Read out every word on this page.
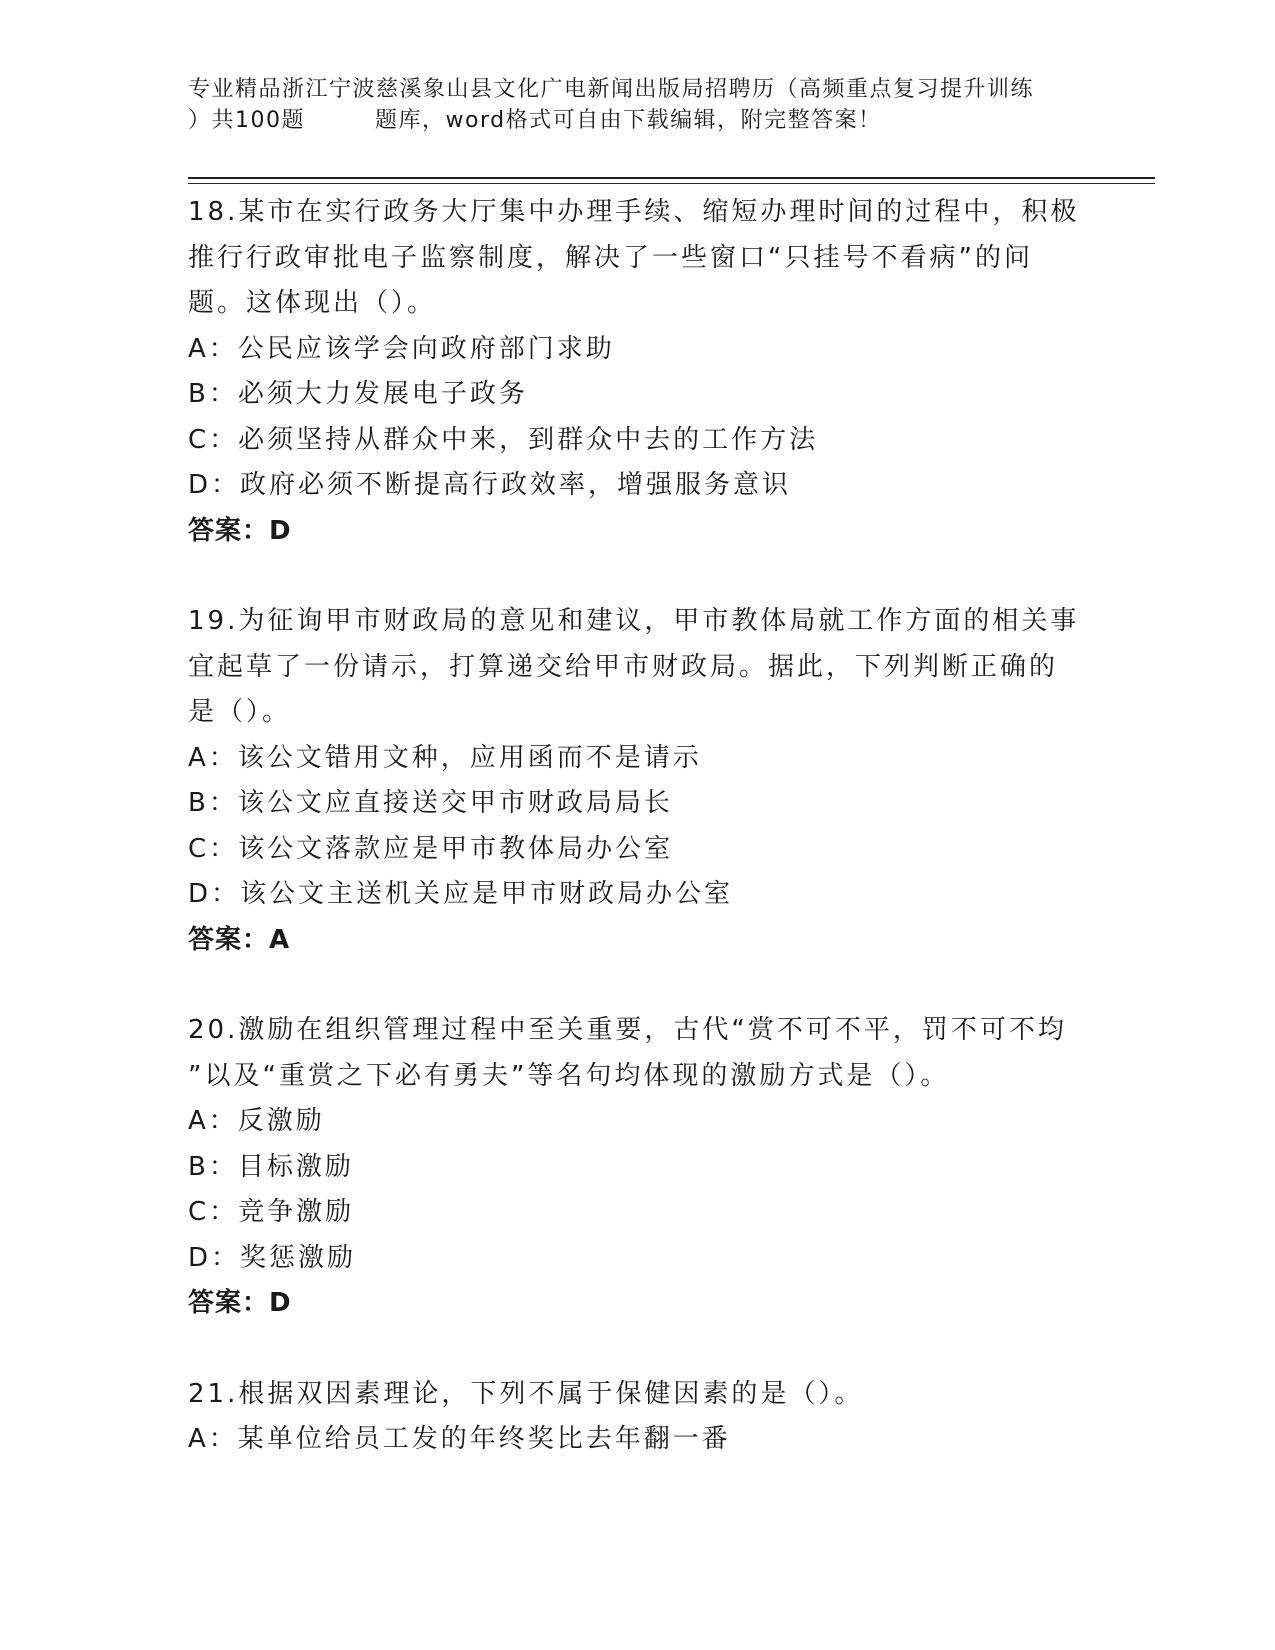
专业精品浙江宁波慈溪象山县文化广电新闻出版局招聘历（高频重点复习提升训练
）共100题	题库，word格式可自由下载编辑，附完整答案！
18.某市在实行政务大厅集中办理手续、缩短办理时间的过程中，积极
推行行政审批电子监察制度，解决了一些窗口“只挂号不看病”的问
题。这体现出（）。
A：公民应该学会向政府部门求助
B：必须大力发展电子政务
C：必须坚持从群众中来，到群众中去的工作方法
D：政府必须不断提高行政效率，增强服务意识
答案：D
19.为征询甲市财政局的意见和建议，甲市教体局就工作方面的相关事
宜起草了一份请示，打算递交给甲市财政局。据此，下列判断正确的
是（）。
A：该公文错用文种，应用函而不是请示
B：该公文应直接送交甲市财政局局长
C：该公文落款应是甲市教体局办公室
D：该公文主送机关应是甲市财政局办公室
答案：A
20.激励在组织管理过程中至关重要，古代“赏不可不平，罚不可不均
”以及“重赏之下必有勇夫”等名句均体现的激励方式是（）。
A：反激励
B：目标激励
C：竞争激励
D：奖惩激励
答案：D
21.根据双因素理论，下列不属于保健因素的是（）。
A：某单位给员工发的年终奖比去年翻一番
